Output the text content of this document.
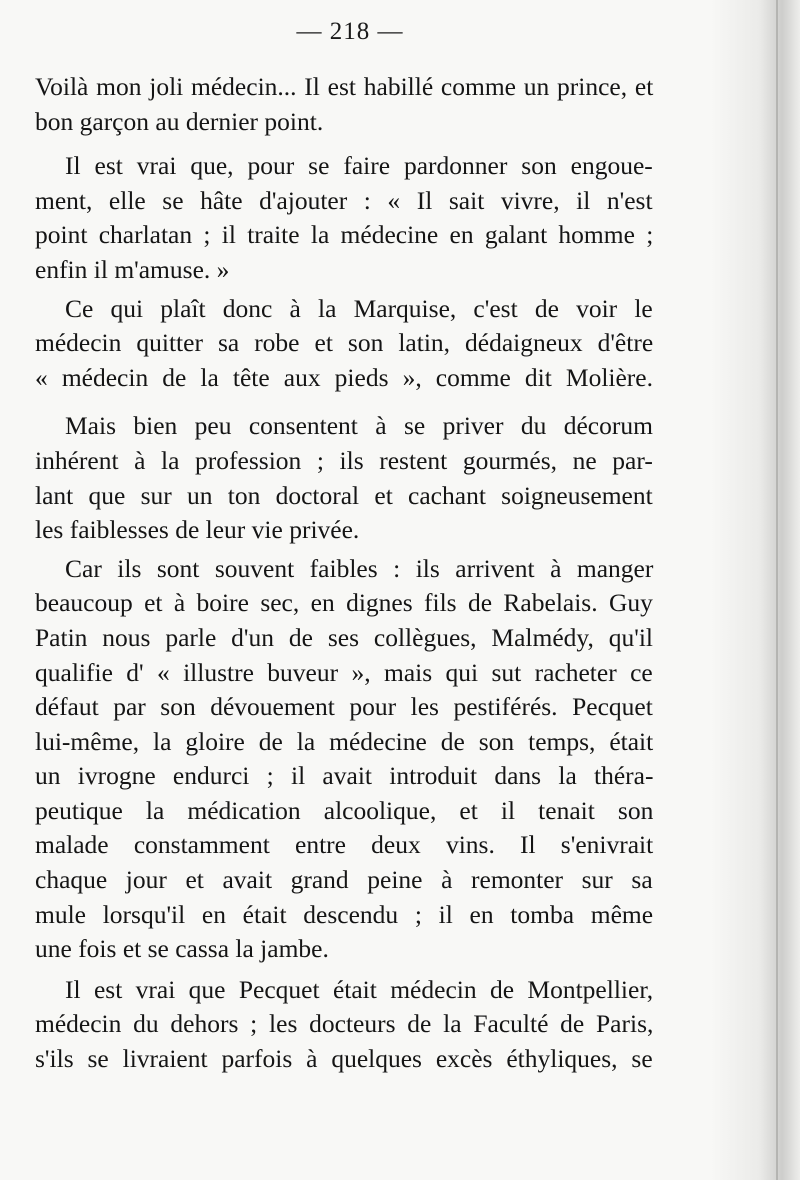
— 218 —

Voilà mon joli médecin... Il est habillé comme un prince, et
bon garçon au dernier point.

Il est vrai que, pour se faire pardonner son engoue-
ment, elle se hâte d'ajouter : « Il sait vivre, il n'est
point charlatan ; il traite la médecine en galant homme ;
enfin il m'amuse. »

Ce qui plaît donc à la Marquise, c'est de voir le
médecin quitter sa robe et son latin, dédaigneux d'être
« médecin de la tête aux pieds », comme dit Molière.

Mais bien peu consentent à se priver du décorum
inhérent à la profession ; ils restent gourmés, ne par-
lant que sur un ton doctoral et cachant soigneusement
les faiblesses de leur vie privée.

Car ils sont souvent faibles : ils arrivent à manger
beaucoup et à boire sec, en dignes fils de Rabelais. Guy
Patin nous parle d'un de ses collègues, Malmédy, qu'il
qualifie d' « illustre buveur », mais qui sut racheter ce
défaut par son dévouement pour les pestiférés. Pecquet
lui-même, la gloire de la médecine de son temps, était
un ivrogne endurci ; il avait introduit dans la théra-
peutique la médication alcoolique, et il tenait son
malade constamment entre deux vins. Il s'enivrait
chaque jour et avait grand peine à remonter sur sa
mule lorsqu'il en était descendu ; il en tomba même
une fois et se cassa la jambe.

Il est vrai que Pecquet était médecin de Montpellier,
médecin du dehors ; les docteurs de la Faculté de Paris,
s'ils se livraient parfois à quelques excès éthyliques, se
